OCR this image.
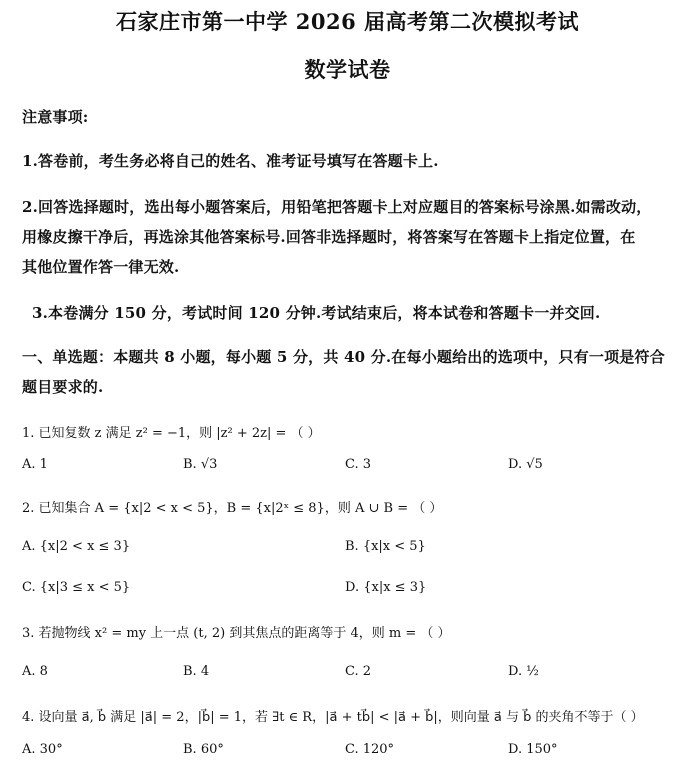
石家庄市第一中学 2026 届高考第二次模拟考试
数学试卷
注意事项:
1.答卷前，考生务必将自己的姓名、准考证号填写在答题卡上.
2.回答选择题时，选出每小题答案后，用铅笔把答题卡上对应题目的答案标号涂黑.如需改动，
用橡皮擦干净后，再选涂其他答案标号.回答非选择题时，将答案写在答题卡上指定位置，在
其他位置作答一律无效.
3.本卷满分 150 分，考试时间 120 分钟.考试结束后，将本试卷和答题卡一并交回.
一、单选题：本题共 8 小题，每小题 5 分，共 40 分.在每小题给出的选项中，只有一项是符合
题目要求的.
1. 已知复数 z 满足 z² = −1，则 |z² + 2z| = （ ）
A. 1	B. √3	C. 3	D. √5
2. 已知集合 A = {x|2 < x < 5}，B = {x|2ˣ ≤ 8}，则 A ∪ B = （ ）
A. {x|2 < x ≤ 3}	B. {x|x < 5}
C. {x|3 ≤ x < 5}	D. {x|x ≤ 3}
3. 若抛物线 x² = my 上一点 (t, 2) 到其焦点的距离等于 4，则 m = （ ）
A. 8	B. 4	C. 2	D. ½
4. 设向量 a⃗, b⃗ 满足 |a⃗| = 2，|b⃗| = 1，若 ∃t ∈ R，|a⃗ + tb⃗| < |a⃗ + b⃗|，则向量 a⃗ 与 b⃗ 的夹角不等于（ ）
A. 30°	B. 60°	C. 120°	D. 150°
